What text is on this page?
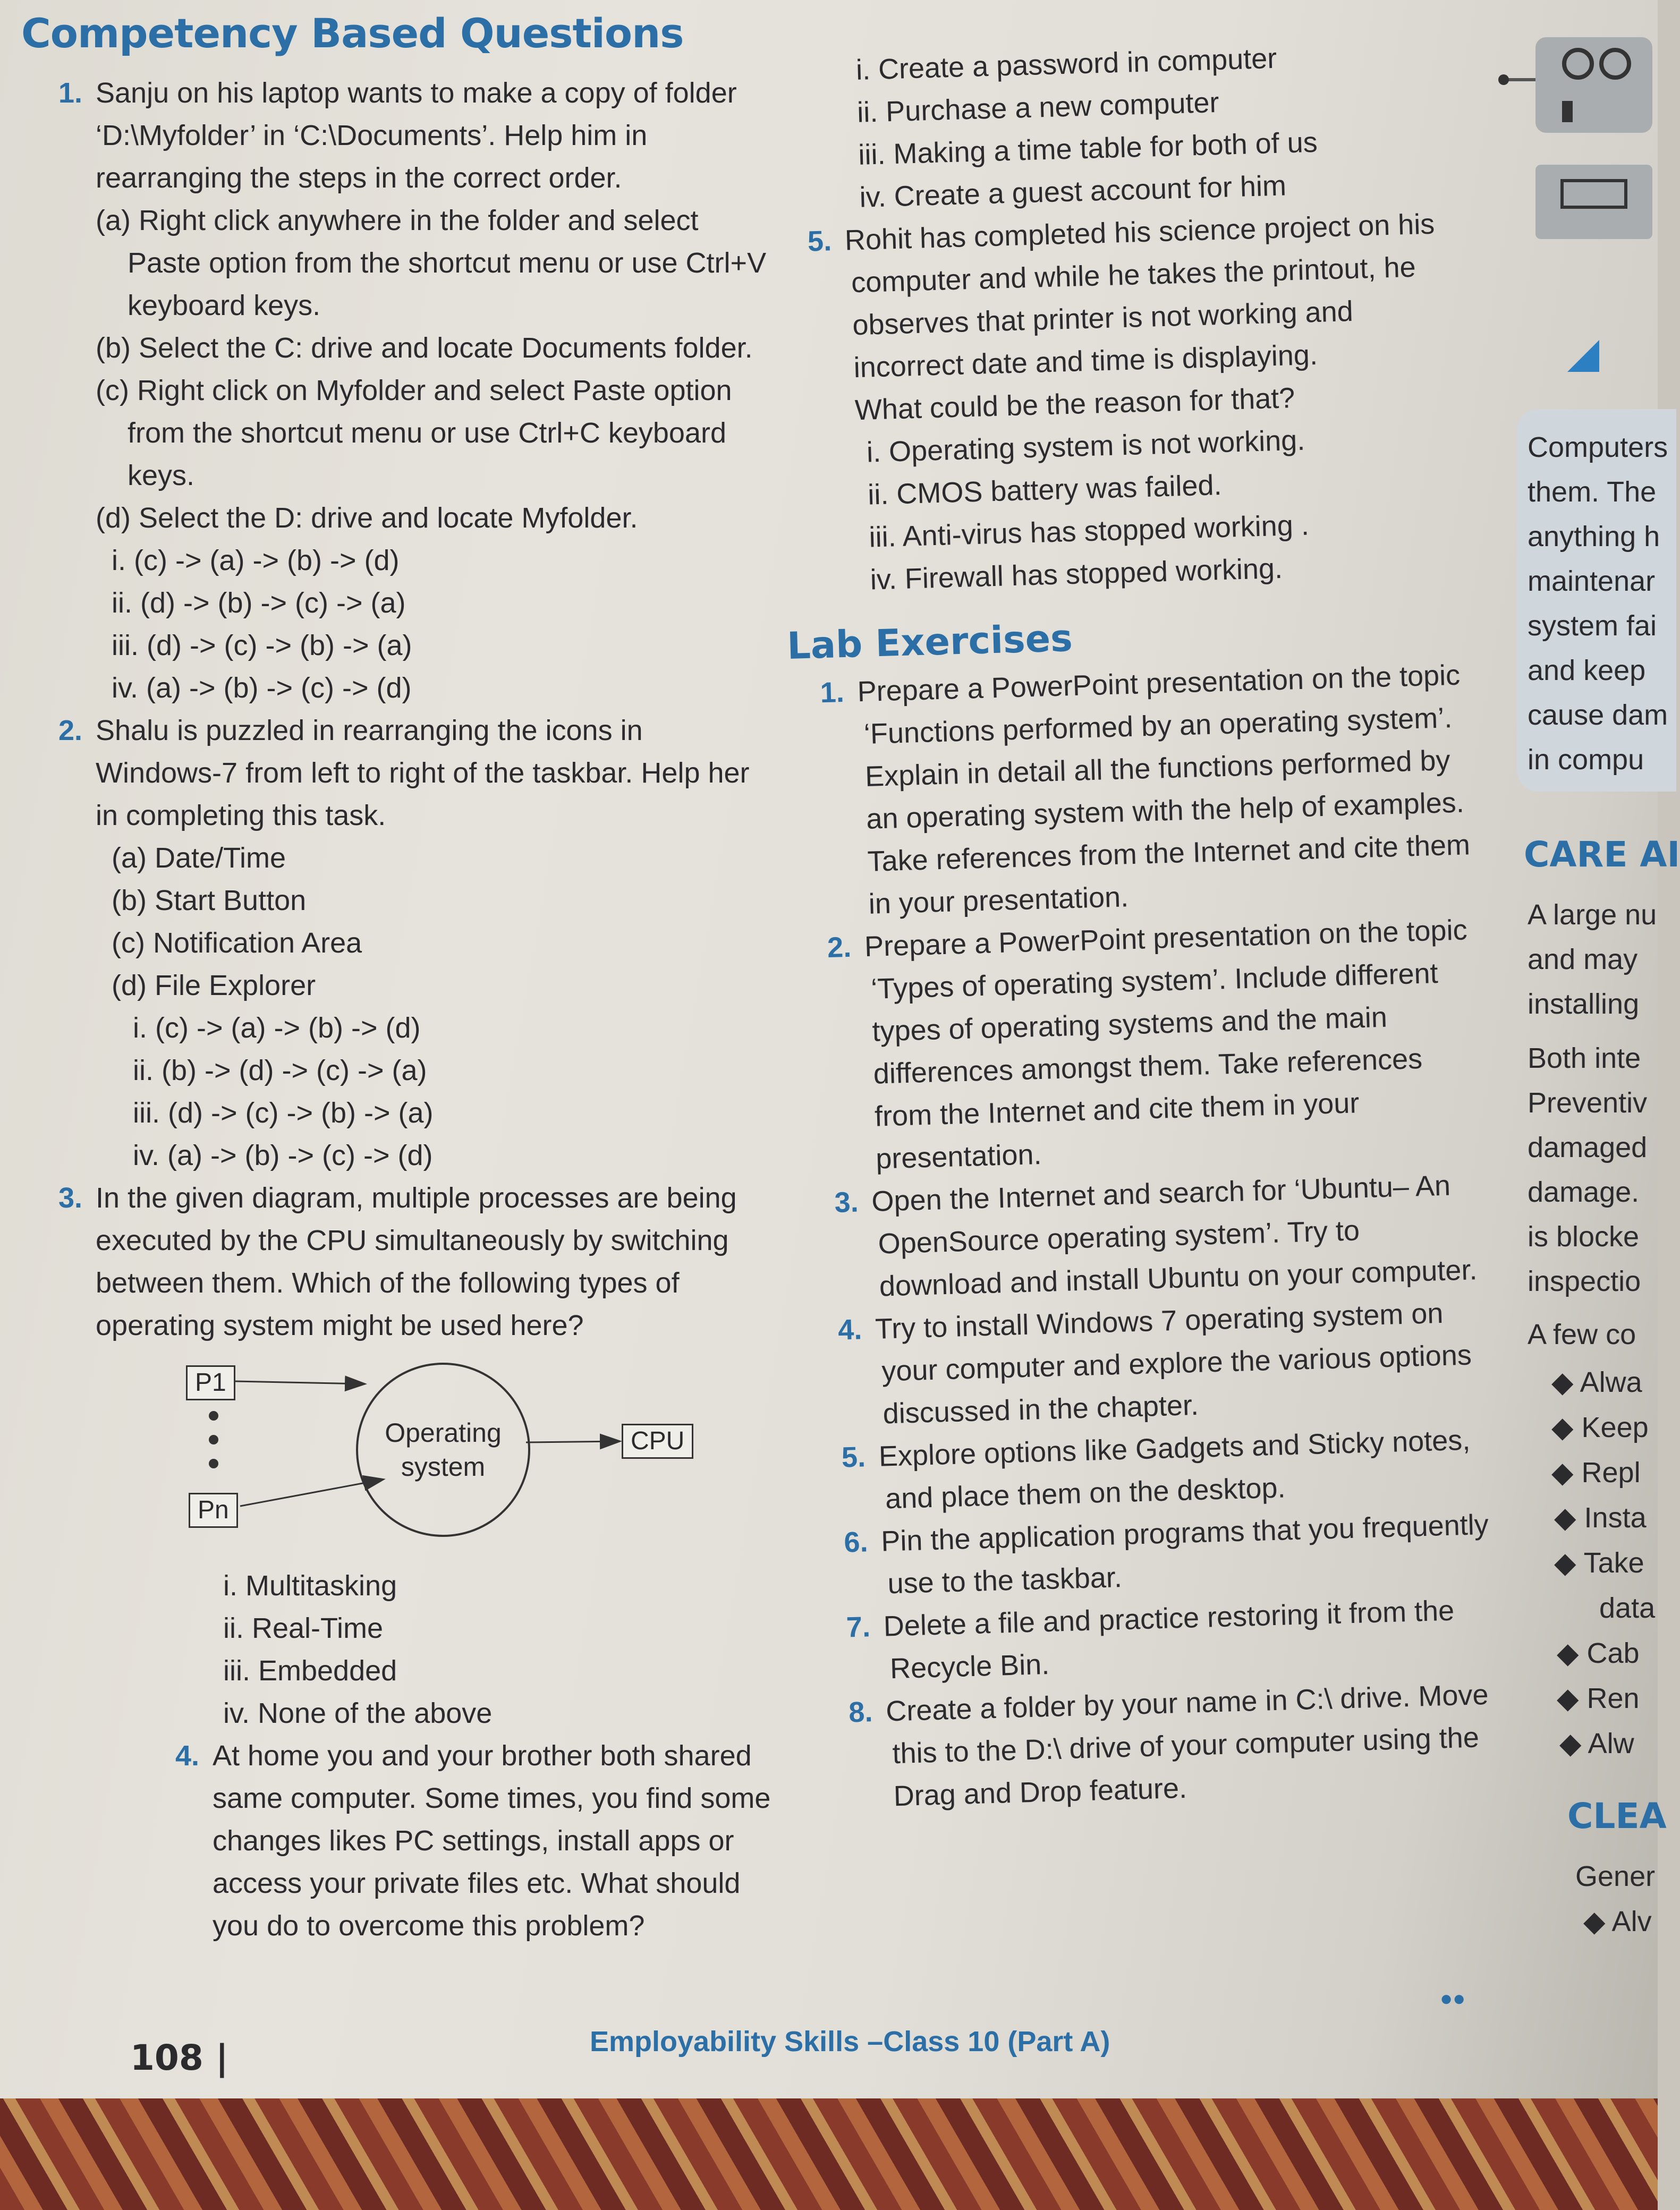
Competency Based Questions

1. Sanju on his laptop wants to make a copy of folder ‘D:\Myfolder’ in ‘C:\Documents’. Help him in rearranging the steps in the correct order.

(a) Right click anywhere in the folder and select Paste option from the shortcut menu or use Ctrl+V keyboard keys.

(b) Select the C: drive and locate Documents folder.

(c) Right click on Myfolder and select Paste option from the shortcut menu or use Ctrl+C keyboard keys.

(d) Select the D: drive and locate Myfolder.

i. (c) -> (a) -> (b) -> (d)

ii. (d) -> (b) -> (c) -> (a)

iii. (d) -> (c) -> (b) -> (a)

iv. (a) -> (b) -> (c) -> (d)

2. Shalu is puzzled in rearranging the icons in Windows-7 from left to right of the taskbar. Help her in completing this task.

(a) Date/Time

(b) Start Button

(c) Notification Area

(d) File Explorer

i. (c) -> (a) -> (b) -> (d)

ii. (b) -> (d) -> (c) -> (a)

iii. (d) -> (c) -> (b) -> (a)

iv. (a) -> (b) -> (c) -> (d)

3. In the given diagram, multiple processes are being executed by the CPU simultaneously by switching between them. Which of the following types of operating system might be used here?

P1
Pn
Operating system
CPU

i. Multitasking

ii. Real-Time

iii. Embedded

iv. None of the above

4. At home you and your brother both shared same computer. Some times, you find some changes likes PC settings, install apps or access your private files etc. What should you do to overcome this problem?

i. Create a password in computer

ii. Purchase a new computer

iii. Making a time table for both of us

iv. Create a guest account for him

5. Rohit has completed his science project on his computer and while he takes the printout, he observes that printer is not working and incorrect date and time is displaying.

What could be the reason for that?

i. Operating system is not working.

ii. CMOS battery was failed.

iii. Anti-virus has stopped working .

iv. Firewall has stopped working.

Lab Exercises

1. Prepare a PowerPoint presentation on the topic ‘Functions performed by an operating system’. Explain in detail all the functions performed by an operating system with the help of examples. Take references from the Internet and cite them in your presentation.

2. Prepare a PowerPoint presentation on the topic ‘Types of operating system’. Include different types of operating systems and the main differences amongst them. Take references from the Internet and cite them in your presentation.

3. Open the Internet and search for ‘Ubuntu– An OpenSource operating system’. Try to download and install Ubuntu on your computer.

4. Try to install Windows 7 operating system on your computer and explore the various options discussed in the chapter.

5. Explore options like Gadgets and Sticky notes, and place them on the desktop.

6. Pin the application programs that you frequently use to the taskbar.

7. Delete a file and practice restoring it from the Recycle Bin.

8. Create a folder by your name in C:\ drive. Move this to the D:\ drive of your computer using the Drag and Drop feature.

108 |	Employability Skills –Class 10 (Part A)
●●
Computers
them. The
anything h
maintenar
system fai
and keep
cause dam
in compu
CARE AI
A large nu
and may
installing
Both inte
Preventiv
damaged
damage.
is blocke
inspectio
A few co
◆ Alwa
◆ Keep
◆ Repl
◆ Insta
◆ Take
data
◆ Cab
◆ Ren
◆ Alw
CLEA
Gener
◆ Alv
